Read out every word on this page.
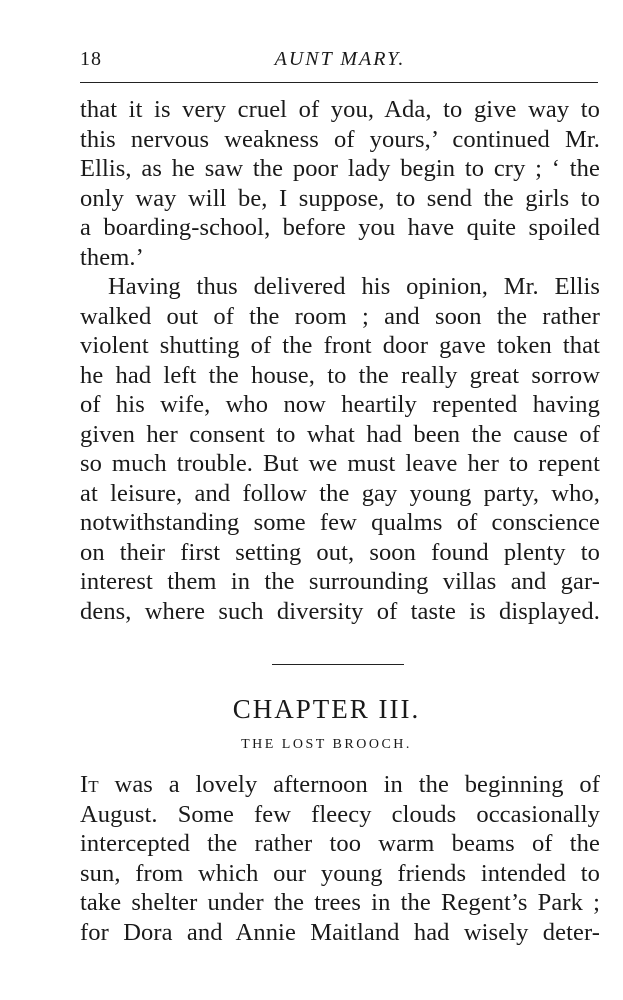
18	AUNT MARY.
that it is very cruel of you, Ada, to give way to
this nervous weakness of yours,’ continued Mr.
Ellis, as he saw the poor lady begin to cry ; ‘ the
only way will be, I suppose, to send the girls to
a boarding-school, before you have quite spoiled
them.’
Having thus delivered his opinion, Mr. Ellis
walked out of the room ; and soon the rather
violent shutting of the front door gave token that
he had left the house, to the really great sorrow
of his wife, who now heartily repented having
given her consent to what had been the cause of
so much trouble. But we must leave her to repent
at leisure, and follow the gay young party, who,
notwithstanding some few qualms of conscience
on their first setting out, soon found plenty to
interest them in the surrounding villas and gar-
dens, where such diversity of taste is displayed.
CHAPTER III.
THE LOST BROOCH.
It was a lovely afternoon in the beginning of
August. Some few fleecy clouds occasionally
intercepted the rather too warm beams of the
sun, from which our young friends intended to
take shelter under the trees in the Regent’s Park ;
for Dora and Annie Maitland had wisely deter-
